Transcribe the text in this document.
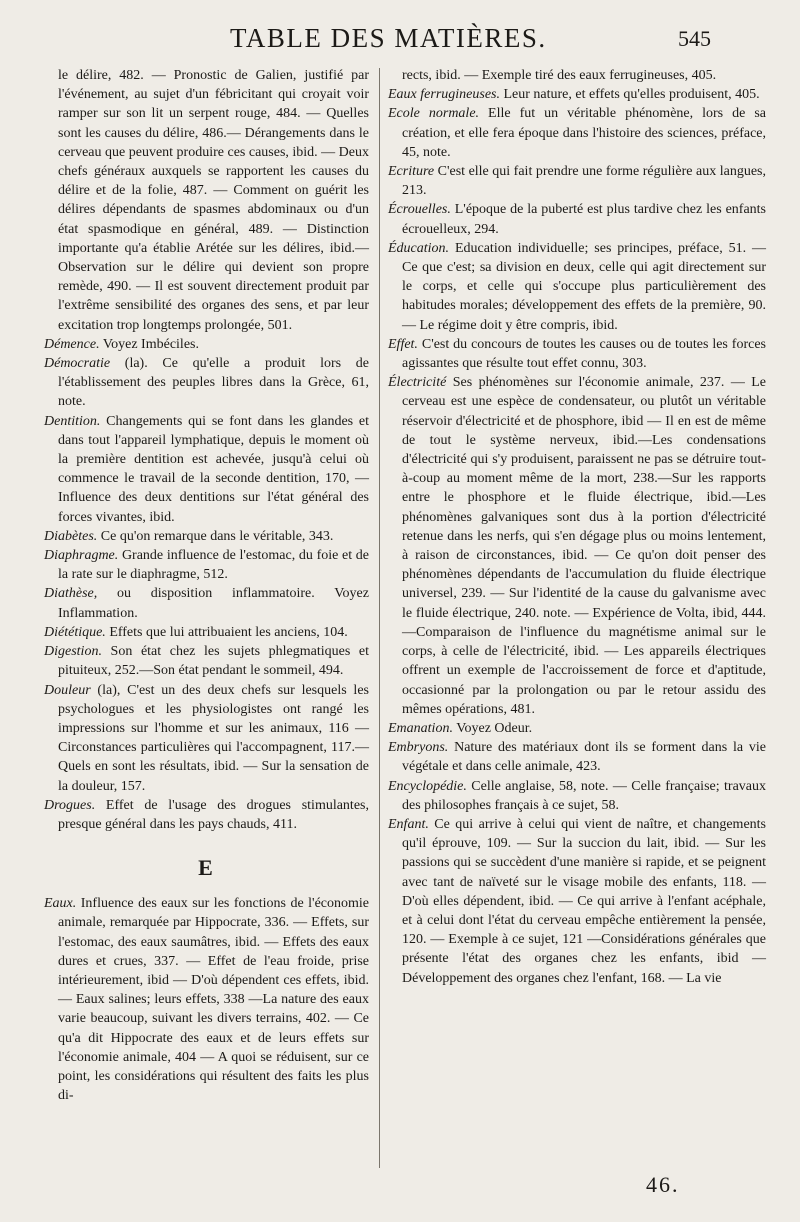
TABLE DES MATIÈRES.	545
le délire, 482. — Pronostic de Galien, justifié par l'événement, au sujet d'un fébricitant qui croyait voir ramper sur son lit un serpent rouge, 484. — Quelles sont les causes du délire, 486.— Dérangements dans le cerveau que peuvent produire ces causes, ibid. — Deux chefs généraux auxquels se rapportent les causes du délire et de la folie, 487. — Comment on guérit les délires dépendants de spasmes abdominaux ou d'un état spasmodique en général, 489. — Distinction importante qu'a établie Arétée sur les délires, ibid.— Observation sur le délire qui devient son propre remède, 490. — Il est souvent directement produit par l'extrême sensibilité des organes des sens, et par leur excitation trop longtemps prolongée, 501.
Démence. Voyez Imbéciles.
Démocratie (la). Ce qu'elle a produit lors de l'établissement des peuples libres dans la Grèce, 61, note.
Dentition. Changements qui se font dans les glandes et dans tout l'appareil lymphatique, depuis le moment où la première dentition est achevée, jusqu'à celui où commence le travail de la seconde dentition, 170, — Influence des deux dentitions sur l'état général des forces vivantes, ibid.
Diabètes. Ce qu'on remarque dans le véritable, 343.
Diaphragme. Grande influence de l'estomac, du foie et de la rate sur le diaphragme, 512.
Diathèse, ou disposition inflammatoire. Voyez Inflammation.
Diététique. Effets que lui attribuaient les anciens, 104.
Digestion. Son état chez les sujets phlegmatiques et pituiteux, 252.—Son état pendant le sommeil, 494.
Douleur (la), C'est un des deux chefs sur lesquels les psychologues et les physiologistes ont rangé les impressions sur l'homme et sur les animaux, 116 — Circonstances particulières qui l'accompagnent, 117.—Quels en sont les résultats, ibid. — Sur la sensation de la douleur, 157.
Drogues. Effet de l'usage des drogues stimulantes, presque général dans les pays chauds, 411.
E
Eaux. Influence des eaux sur les fonctions de l'économie animale, remarquée par Hippocrate, 336. — Effets, sur l'estomac, des eaux saumâtres, ibid. — Effets des eaux dures et crues, 337. — Effet de l'eau froide, prise intérieurement, ibid — D'où dépendent ces effets, ibid. — Eaux salines; leurs effets, 338 —La nature des eaux varie beaucoup, suivant les divers terrains, 402. — Ce qu'a dit Hippocrate des eaux et de leurs effets sur l'économie animale, 404 — A quoi se réduisent, sur ce point, les considérations qui résultent des faits les plus di-
rects, ibid. — Exemple tiré des eaux ferrugineuses, 405.
Eaux ferrugineuses. Leur nature, et effets qu'elles produisent, 405.
Ecole normale. Elle fut un véritable phénomène, lors de sa création, et elle fera époque dans l'histoire des sciences, préface, 45, note.
Ecriture C'est elle qui fait prendre une forme régulière aux langues, 213.
Écrouelles. L'époque de la puberté est plus tardive chez les enfants écrouelleux, 294.
Éducation. Education individuelle; ses principes, préface, 51. — Ce que c'est; sa division en deux, celle qui agit directement sur le corps, et celle qui s'occupe plus particulièrement des habitudes morales; développement des effets de la première, 90. — Le régime doit y être compris, ibid.
Effet. C'est du concours de toutes les causes ou de toutes les forces agissantes que résulte tout effet connu, 303.
Électricité Ses phénomènes sur l'économie animale, 237. — Le cerveau est une espèce de condensateur, ou plutôt un véritable réservoir d'électricité et de phosphore, ibid — Il en est de même de tout le système nerveux, ibid.—Les condensations d'électricité qui s'y produisent, paraissent ne pas se détruire tout-à-coup au moment même de la mort, 238.—Sur les rapports entre le phosphore et le fluide électrique, ibid.—Les phénomènes galvaniques sont dus à la portion d'électricité retenue dans les nerfs, qui s'en dégage plus ou moins lentement, à raison de circonstances, ibid. — Ce qu'on doit penser des phénomènes dépendants de l'accumulation du fluide électrique universel, 239. — Sur l'identité de la cause du galvanisme avec le fluide électrique, 240. note. — Expérience de Volta, ibid, 444.—Comparaison de l'influence du magnétisme animal sur le corps, à celle de l'électricité, ibid. — Les appareils électriques offrent un exemple de l'accroissement de force et d'aptitude, occasionné par la prolongation ou par le retour assidu des mêmes opérations, 481.
Emanation. Voyez Odeur.
Embryons. Nature des matériaux dont ils se forment dans la vie végétale et dans celle animale, 423.
Encyclopédie. Celle anglaise, 58, note. — Celle française; travaux des philosophes français à ce sujet, 58.
Enfant. Ce qui arrive à celui qui vient de naître, et changements qu'il éprouve, 109. — Sur la succion du lait, ibid. — Sur les passions qui se succèdent d'une manière si rapide, et se peignent avec tant de naïveté sur le visage mobile des enfants, 118. — D'où elles dépendent, ibid. — Ce qui arrive à l'enfant acéphale, et à celui dont l'état du cerveau empêche entièrement la pensée, 120. — Exemple à ce sujet, 121 —Considérations générales que présente l'état des organes chez les enfants, ibid — Développement des organes chez l'enfant, 168. — La vie
46.
